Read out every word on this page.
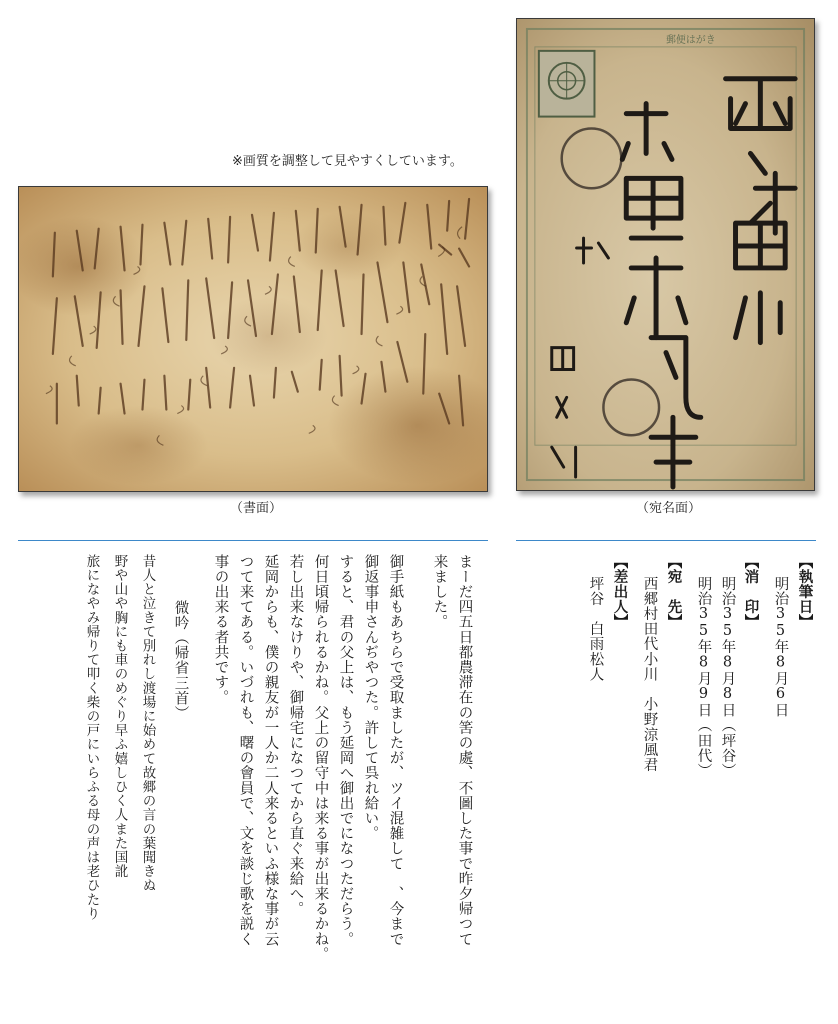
※画質を調整して見やすくしています。
（書面）
郵便はがき
（宛名面）
【執筆日】
明治35年8月6日
【消　印】
明治35年8月8日（坪谷）
明治35年8月9日（田代）
【宛　先】
西郷村田代小川　小野涼風君
【差出人】
坪谷　白雨松人
まーだ四五日都農滞在の筈の處、不圖した事で昨夕帰つて
来ました。
御手紙もあちらで受取ましたが、ツイ混雑して　、今まで
御返事申さんぢやつた。許して呉れ給い。
すると、君の父上は、もう延岡へ御出でになつただらう。
何日頃帰られるかね。父上の留守中は来る事が出来るかね。
若し出来なけりや、御帰宅になつてから直ぐ来給へ。
延岡からも、僕の親友が一人か二人来るといふ様な事が云
つて来てある。いづれも、曙の會員で、文を談じ歌を説く
事の出来る者共です。
微吟（帰省三首）
昔人と泣きて別れし渡場に始めて故郷の言の葉聞きぬ
野や山や胸にも車のめぐり早ふ嬉しひく人また国訛
旅になやみ帰りて叩く柴の戸にいらふる母の声は老ひたり
